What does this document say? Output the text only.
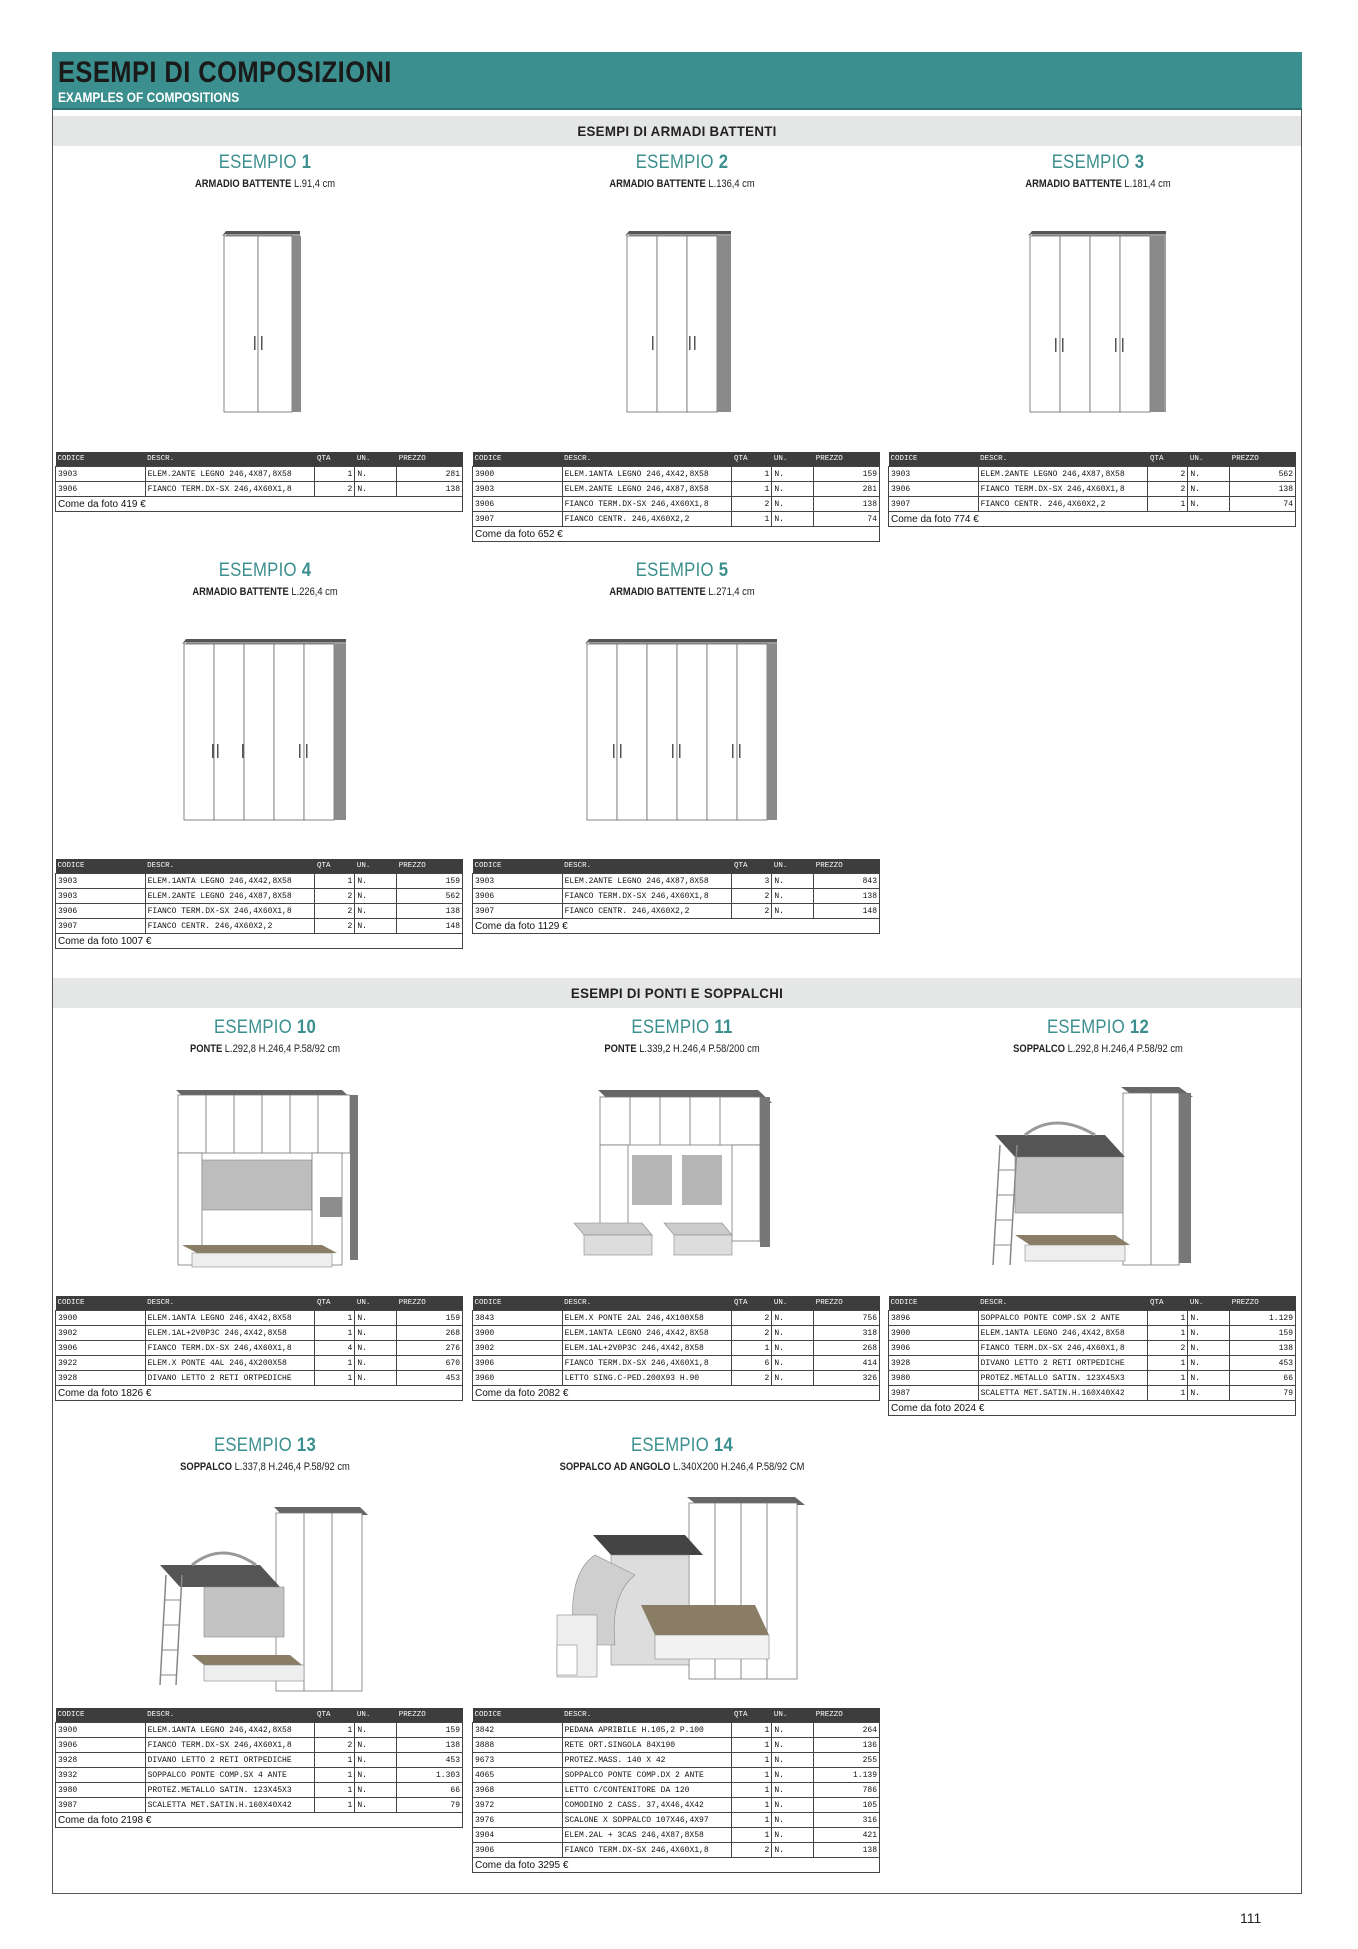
ESEMPI DI COMPOSIZIONI
EXAMPLES OF COMPOSITIONS
ESEMPI DI ARMADI BATTENTI
ESEMPIO 1
ARMADIO BATTENTE L.91,4 cm
CODICE	DESCR.	QTA	UN.	PREZZO
3903	ELEM.2ANTE LEGNO 246,4X87,8X58	1	N.	281
3906	FIANCO TERM.DX-SX 246,4X60X1,8	2	N.	138
Come da foto 419 €				
ESEMPIO 2
ARMADIO BATTENTE L.136,4 cm
CODICE	DESCR.	QTA	UN.	PREZZO
3900	ELEM.1ANTA LEGNO 246,4X42,8X58	1	N.	159
3903	ELEM.2ANTE LEGNO 246,4X87,8X58	1	N.	281
3906	FIANCO TERM.DX-SX 246,4X60X1,8	2	N.	138
3907	FIANCO CENTR. 246,4X60X2,2	1	N.	74
Come da foto 652 €				
ESEMPIO 3
ARMADIO BATTENTE L.181,4 cm
CODICE	DESCR.	QTA	UN.	PREZZO
3903	ELEM.2ANTE LEGNO 246,4X87,8X58	2	N.	562
3906	FIANCO TERM.DX-SX 246,4X60X1,8	2	N.	138
3907	FIANCO CENTR. 246,4X60X2,2	1	N.	74
Come da foto 774 €				
ESEMPIO 4
ARMADIO BATTENTE L.226,4 cm
CODICE	DESCR.	QTA	UN.	PREZZO
3903	ELEM.1ANTA LEGNO 246,4X42,8X58	1	N.	159
3903	ELEM.2ANTE LEGNO 246,4X87,8X58	2	N.	562
3906	FIANCO TERM.DX-SX 246,4X60X1,8	2	N.	138
3907	FIANCO CENTR. 246,4X60X2,2	2	N.	148
Come da foto 1007 €				
ESEMPIO 5
ARMADIO BATTENTE L.271,4 cm
CODICE	DESCR.	QTA	UN.	PREZZO
3903	ELEM.2ANTE LEGNO 246,4X87,8X58	3	N.	843
3906	FIANCO TERM.DX-SX 246,4X60X1,8	2	N.	138
3907	FIANCO CENTR. 246,4X60X2,2	2	N.	148
Come da foto 1129 €				
ESEMPI DI PONTI E SOPPALCHI
ESEMPIO 10
PONTE L.292,8 H.246,4 P.58/92 cm
CODICE	DESCR.	QTA	UN.	PREZZO
3900	ELEM.1ANTA LEGNO 246,4X42,8X58	1	N.	159
3902	ELEM.1AL+2V0P3C 246,4X42,8X58	1	N.	268
3906	FIANCO TERM.DX-SX 246,4X60X1,8	4	N.	276
3922	ELEM.X PONTE 4AL 246,4X200X58	1	N.	670
3928	DIVANO LETTO 2 RETI ORTPEDICHE	1	N.	453
Come da foto 1826 €				
ESEMPIO 11
PONTE L.339,2 H.246,4 P.58/200 cm
CODICE	DESCR.	QTA	UN.	PREZZO
3843	ELEM.X PONTE 2AL 246,4X100X58	2	N.	756
3900	ELEM.1ANTA LEGNO 246,4X42,8X58	2	N.	318
3902	ELEM.1AL+2V0P3C 246,4X42,8X58	1	N.	268
3906	FIANCO TERM.DX-SX 246,4X60X1,8	6	N.	414
3960	LETTO SING.C-PED.200X93 H.90	2	N.	326
Come da foto 2082 €				
ESEMPIO 12
SOPPALCO L.292,8 H.246,4 P.58/92 cm
CODICE	DESCR.	QTA	UN.	PREZZO
3896	SOPPALCO PONTE COMP.SX 2 ANTE	1	N.	1.129
3900	ELEM.1ANTA LEGNO 246,4X42,8X58	1	N.	159
3906	FIANCO TERM.DX-SX 246,4X60X1,8	2	N.	138
3928	DIVANO LETTO 2 RETI ORTPEDICHE	1	N.	453
3980	PROTEZ.METALLO SATIN. 123X45X3	1	N.	66
3987	SCALETTA MET.SATIN.H.160X40X42	1	N.	79
Come da foto 2024 €				
ESEMPIO 13
SOPPALCO L.337,8 H.246,4 P.58/92 cm
CODICE	DESCR.	QTA	UN.	PREZZO
3900	ELEM.1ANTA LEGNO 246,4X42,8X58	1	N.	159
3906	FIANCO TERM.DX-SX 246,4X60X1,8	2	N.	138
3928	DIVANO LETTO 2 RETI ORTPEDICHE	1	N.	453
3932	SOPPALCO PONTE COMP.SX 4 ANTE	1	N.	1.303
3980	PROTEZ.METALLO SATIN. 123X45X3	1	N.	66
3987	SCALETTA MET.SATIN.H.160X40X42	1	N.	79
Come da foto 2198 €				
ESEMPIO 14
SOPPALCO AD ANGOLO L.340X200 H.246,4 P.58/92 CM
CODICE	DESCR.	QTA	UN.	PREZZO
3842	PEDANA APRIBILE H.105,2 P.100	1	N.	264
3888	RETE ORT.SINGOLA 84X190	1	N.	136
9673	PROTEZ.MASS. 140 X 42	1	N.	255
4065	SOPPALCO PONTE COMP.DX 2 ANTE	1	N.	1.139
3968	LETTO C/CONTENITORE DA 120	1	N.	786
3972	COMODINO 2 CASS. 37,4X46,4X42	1	N.	105
3976	SCALONE X SOPPALCO 107X46,4X97	1	N.	316
3904	ELEM.2AL + 3CAS 246,4X87,8X58	1	N.	421
3906	FIANCO TERM.DX-SX 246,4X60X1,8	2	N.	138
Come da foto 3295 €				
111
